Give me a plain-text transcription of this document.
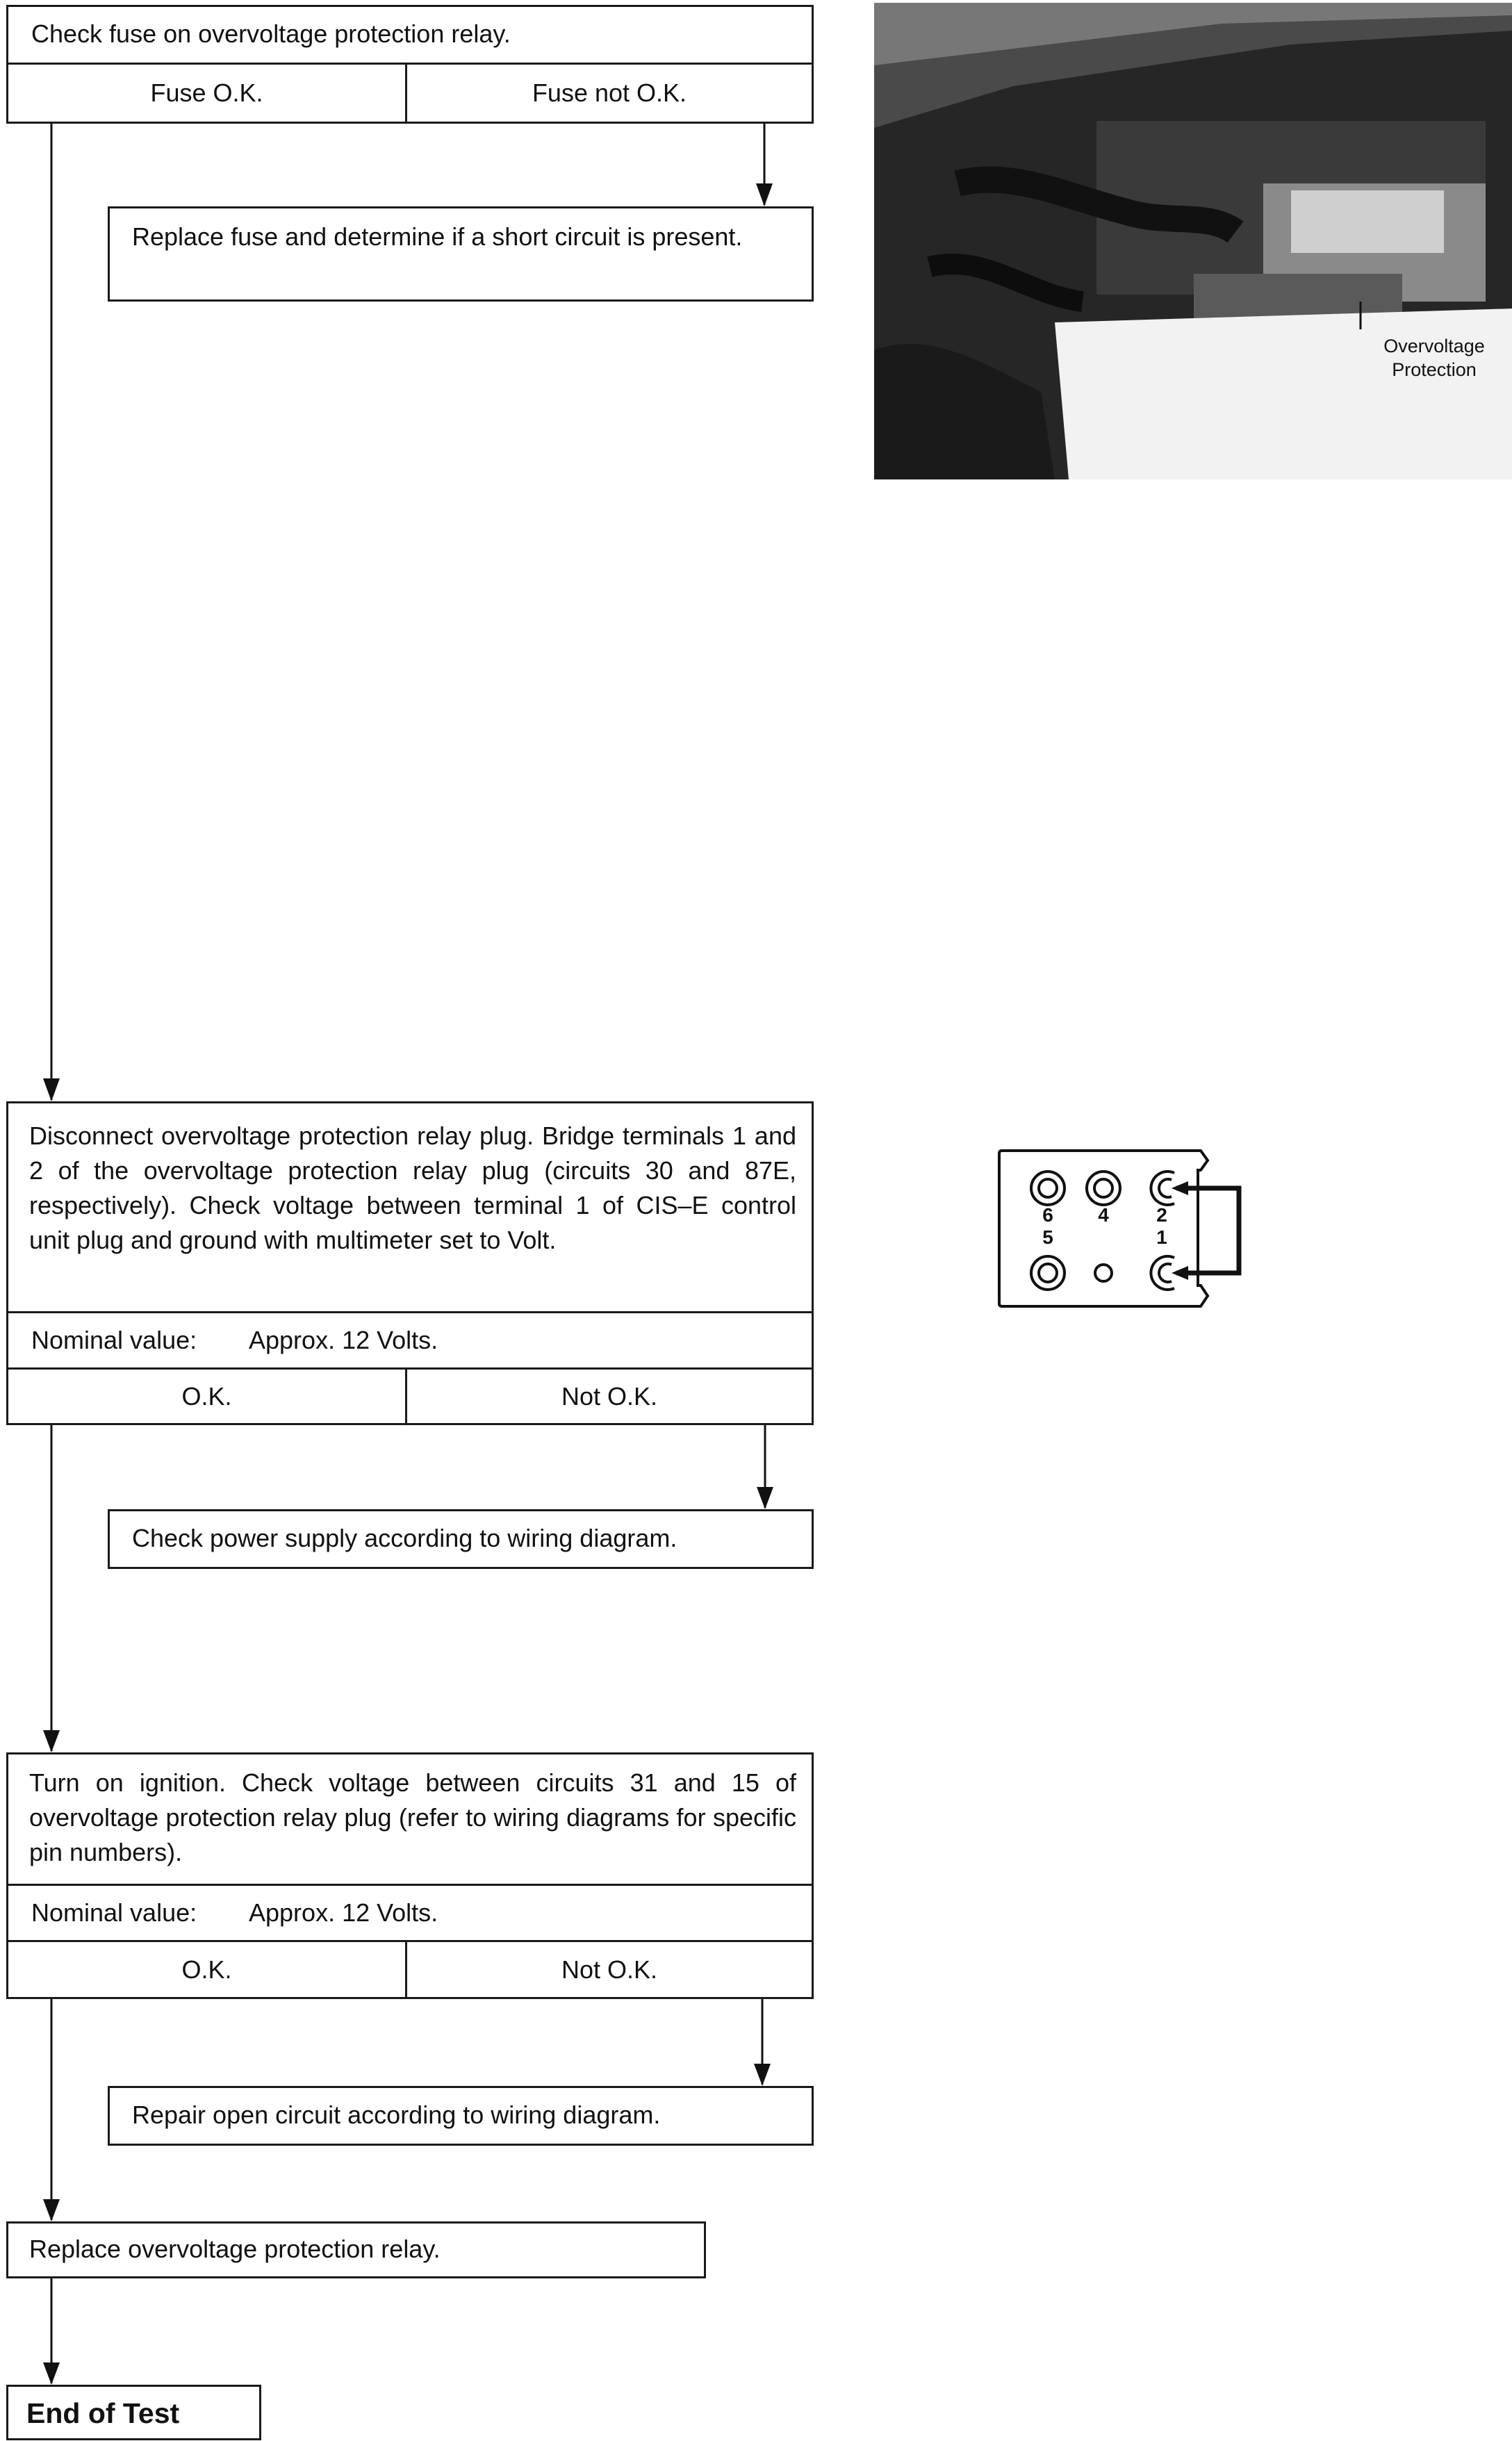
Check fuse on overvoltage protection relay.
Fuse O.K.	Fuse not O.K.
Replace fuse and determine if a short circuit is present.
Overvoltage Protection
Disconnect overvoltage protection relay plug. Bridge terminals 1 and 2 of the overvoltage protection relay plug (circuits 30 and 87E, respectively). Check voltage between terminal 1 of CIS–E control unit plug and ground with multimeter set to Volt.
Nominal value: Approx. 12 Volts.
O.K.	Not O.K.
6 4 2
5	1
Check power supply according to wiring diagram.
Turn on ignition. Check voltage between circuits 31 and 15 of overvoltage protection relay plug (refer to wiring diagrams for specific pin numbers).
Nominal value: Approx. 12 Volts.
O.K.	Not O.K.
Repair open circuit according to wiring diagram.
Replace overvoltage protection relay.
End of Test
